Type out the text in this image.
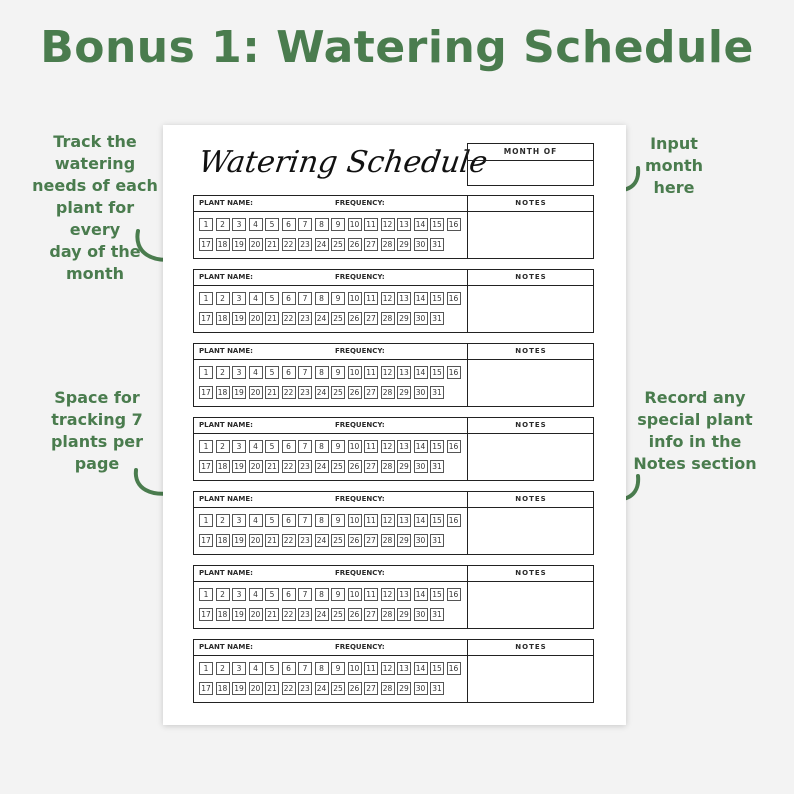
Bonus 1: Watering Schedule
Track the
watering
needs of each
plant for every
day of the
month
Input
month
here
Space for
tracking 7
plants per
page
Record any
special plant
info in the
Notes section
Watering Schedule	MONTH OF
PLANT NAME:	FREQUENCY:	NOTES
1	2	3	4	5	6	7	8	9	10 11 12 13 14 15 16
17 18 19 20 21 22 23 24 25 26 27 28 29 30 31
PLANT NAME:	FREQUENCY:	NOTES
1	2	3	4	5	6	7	8	9	10 11 12 13 14 15 16
17 18 19 20 21 22 23 24 25 26 27 28 29 30 31
PLANT NAME:	FREQUENCY:	NOTES
1	2	3	4	5	6	7	8	9	10 11 12 13 14 15 16
17 18 19 20 21 22 23 24 25 26 27 28 29 30 31
PLANT NAME:	FREQUENCY:	NOTES
1	2	3	4	5	6	7	8	9	10 11 12 13 14 15 16
17 18 19 20 21 22 23 24 25 26 27 28 29 30 31
PLANT NAME:	FREQUENCY:	NOTES
1	2	3	4	5	6	7	8	9	10 11 12 13 14 15 16
17 18 19 20 21 22 23 24 25 26 27 28 29 30 31
PLANT NAME:	FREQUENCY:	NOTES
1	2	3	4	5	6	7	8	9	10 11 12 13 14 15 16
17 18 19 20 21 22 23 24 25 26 27 28 29 30 31
PLANT NAME:	FREQUENCY:	NOTES
1	2	3	4	5	6	7	8	9	10 11 12 13 14 15 16
17 18 19 20 21 22 23 24 25 26 27 28 29 30 31
